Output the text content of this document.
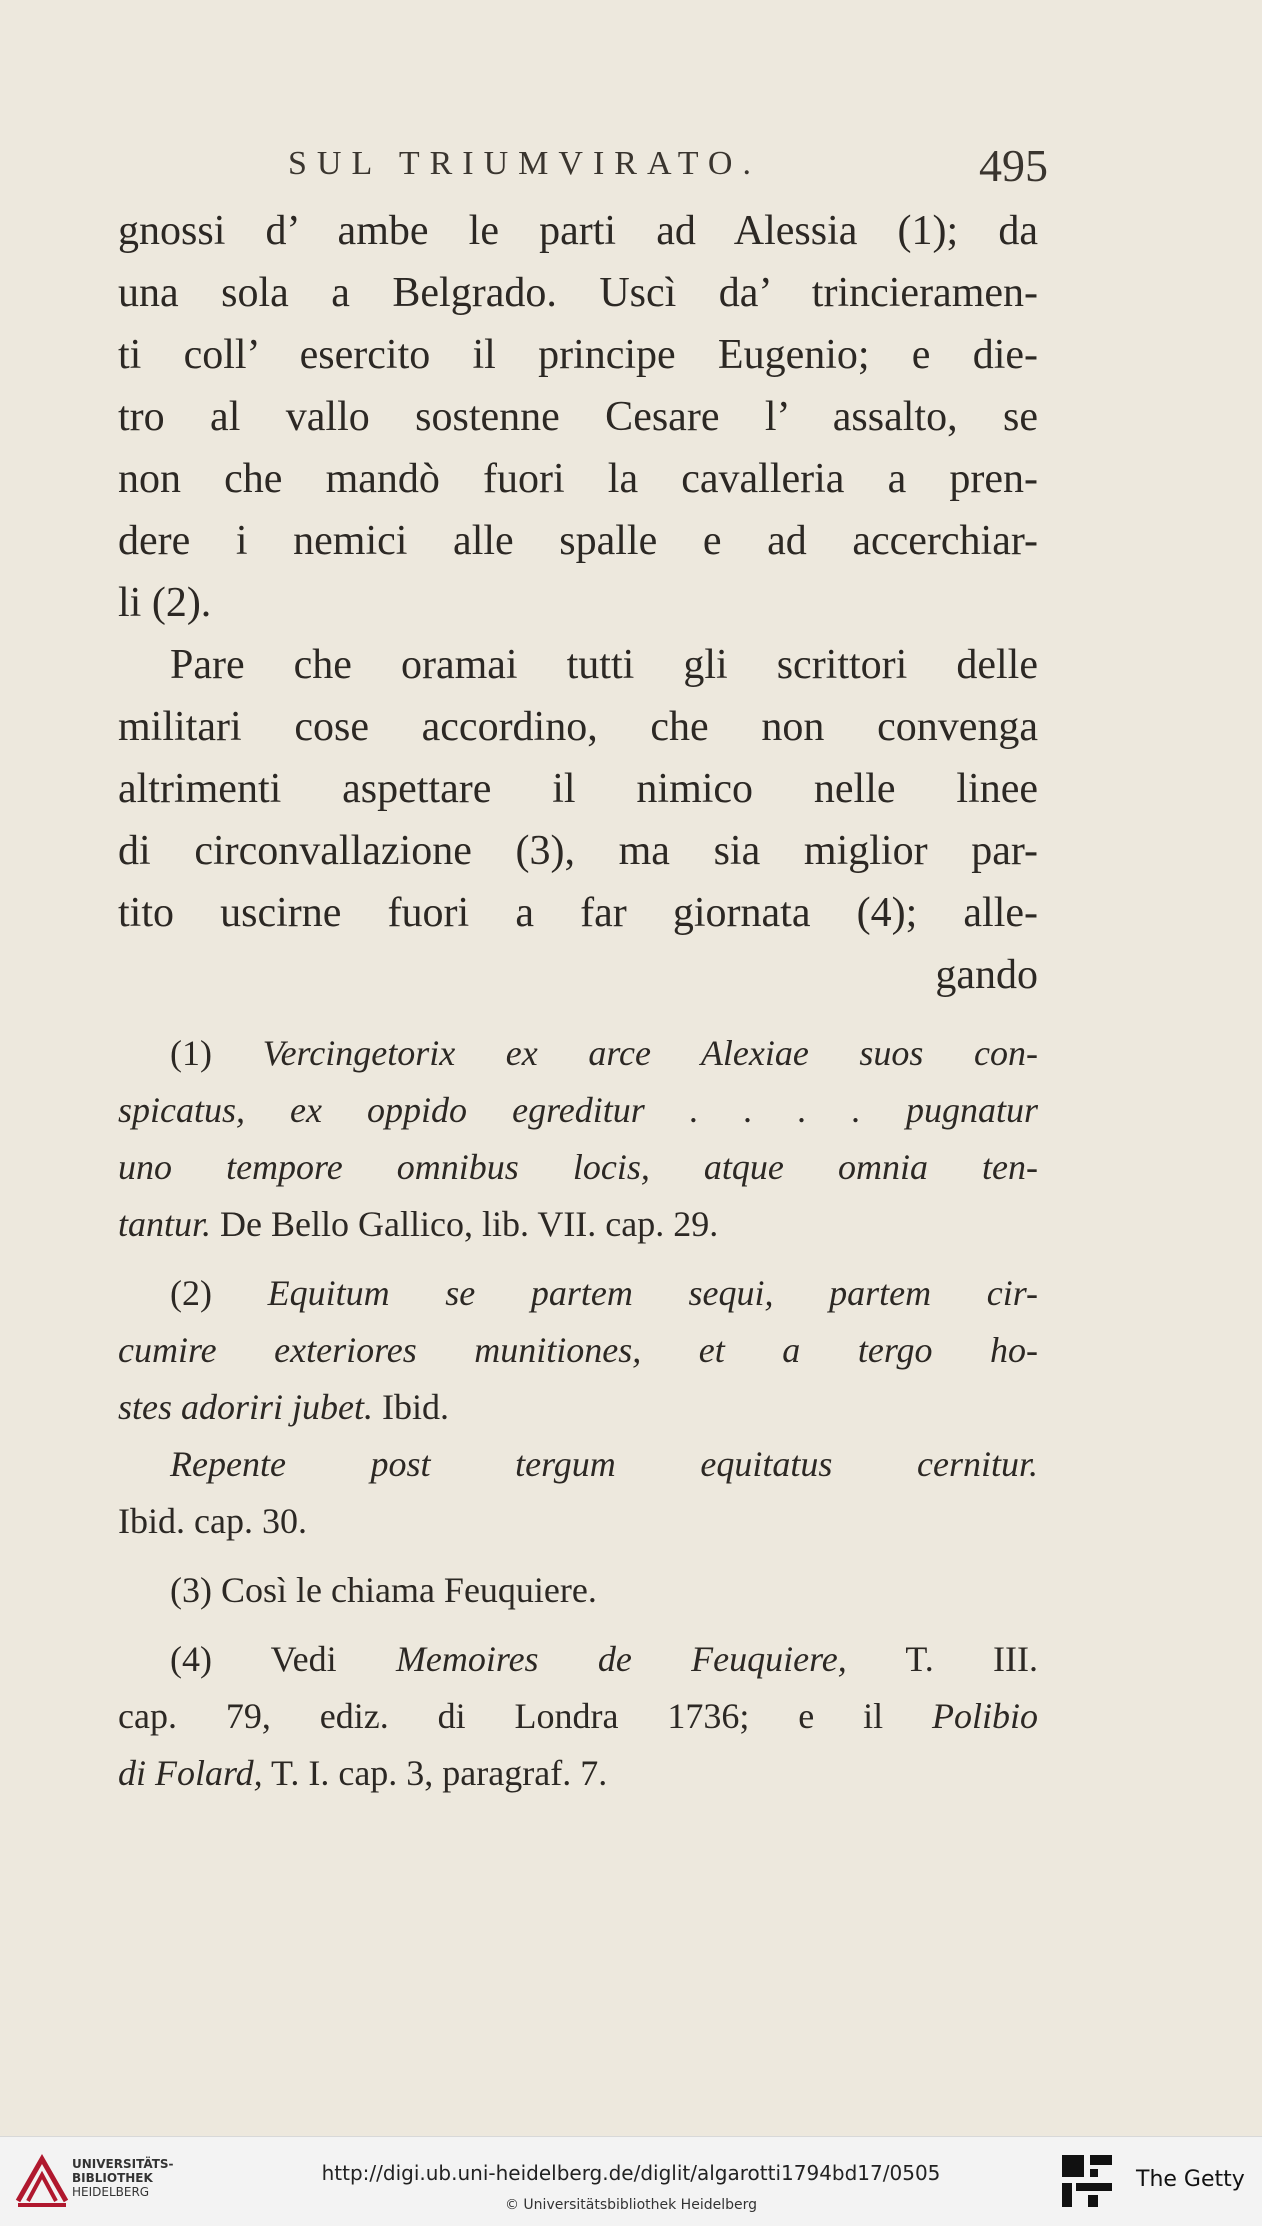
SUL TRIUMVIRATO.	495
gnossi d’ ambe le parti ad Alessia (1); da
una sola a Belgrado. Uscì da’ trincieramen-
ti coll’ esercito il principe Eugenio; e die-
tro al vallo sostenne Cesare l’ assalto, se
non che mandò fuori la cavalleria a pren-
dere i nemici alle spalle e ad accerchiar-
li (2).
Pare che oramai tutti gli scrittori delle
militari cose accordino, che non convenga
altrimenti aspettare il nimico nelle linee
di circonvallazione (3), ma sia miglior par-
tito uscirne fuori a far giornata (4); alle-
gando
(1) Vercingetorix ex arce Alexiae suos con-
spicatus, ex oppido egreditur . . . . pugnatur
uno tempore omnibus locis, atque omnia ten-
tantur. De Bello Gallico, lib. VII. cap. 29.
(2) Equitum se partem sequi, partem cir-
cumire exteriores munitiones, et a tergo ho-
stes adoriri jubet. Ibid.
Repente post tergum equitatus cernitur.
Ibid. cap. 30.
(3) Così le chiama Feuquiere.
(4) Vedi Memoires de Feuquiere, T. III.
cap. 79, ediz. di Londra 1736; e il Polibio
di Folard, T. I. cap. 3, paragraf. 7.
UNIVERSITÄTS-
BIBLIOTHEK
HEIDELBERG
http://digi.ub.uni-heidelberg.de/diglit/algarotti1794bd17/0505
© Universitätsbibliothek Heidelberg
The Getty
